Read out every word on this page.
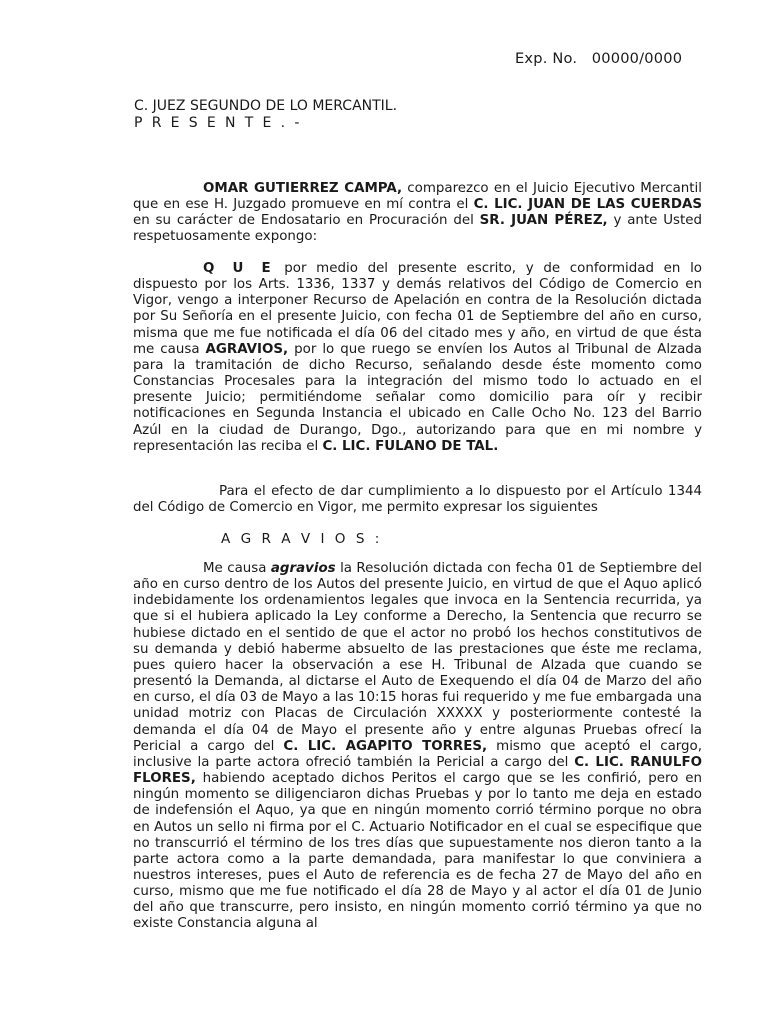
Exp. No.   00000/0000
C. JUEZ SEGUNDO DE LO MERCANTIL.
P R E S E N T E . -

OMAR GUTIERREZ CAMPA, comparezco en el Juicio Ejecutivo Mercantil que en ese H. Juzgado promueve en mí contra el C. LIC. JUAN DE LAS CUERDAS en su carácter de Endosatario en Procuración del SR. JUAN PÉREZ, y ante Usted respetuosamente expongo:

Q U E por medio del presente escrito, y de conformidad en lo dispuesto por los Arts. 1336, 1337 y demás relativos del Código de Comercio en Vigor, vengo a interponer Recurso de Apelación en contra de la Resolución dictada por Su Señoría en el presente Juicio, con fecha 01 de Septiembre del año en curso, misma que me fue notificada el día 06 del citado mes y año, en virtud de que ésta me causa AGRAVIOS, por lo que ruego se envíen los Autos al Tribunal de Alzada para la tramitación de dicho Recurso, señalando desde éste momento como Constancias Procesales para la integración del mismo todo lo actuado en el presente Juicio; permitiéndome señalar como domicilio para oír y recibir notificaciones en Segunda Instancia el ubicado en Calle Ocho No. 123 del Barrio Azúl en la ciudad de Durango, Dgo., autorizando para que en mi nombre y representación las reciba el C. LIC. FULANO DE TAL.

Para el efecto de dar cumplimiento a lo dispuesto por el Artículo 1344 del Código de Comercio en Vigor, me permito expresar los siguientes

A G R A V I O S :

Me causa agravios la Resolución dictada con fecha 01 de Septiembre del año en curso dentro de los Autos del presente Juicio, en virtud de que el Aquo aplicó indebidamente los ordenamientos legales que invoca en la Sentencia recurrida, ya que si el hubiera aplicado la Ley conforme a Derecho, la Sentencia que recurro se hubiese dictado en el sentido de que el actor no probó los hechos constitutivos de su demanda y debió haberme absuelto de las prestaciones que éste me reclama, pues quiero hacer la observación a ese H. Tribunal de Alzada que cuando se presentó la Demanda, al dictarse el Auto de Exequendo el día 04 de Marzo del año en curso, el día 03 de Mayo a las 10:15 horas fui requerido y me fue embargada una unidad motriz con Placas de Circulación XXXXX y posteriormente contesté la demanda el día 04 de Mayo el presente año y entre algunas Pruebas ofrecí la Pericial a cargo del C. LIC. AGAPITO TORRES, mismo que aceptó el cargo, inclusive la parte actora ofreció también la Pericial a cargo del C. LIC. RANULFO FLORES, habiendo aceptado dichos Peritos el cargo que se les confirió, pero en ningún momento se diligenciaron dichas Pruebas y por lo tanto me deja en estado de indefensión el Aquo, ya que en ningún momento corrió término porque no obra en Autos un sello ni firma por el C. Actuario Notificador en el cual se especifique que no transcurrió el término de los tres días que supuestamente nos dieron tanto a la parte actora como a la parte demandada, para manifestar lo que conviniera a nuestros intereses, pues el Auto de referencia es de fecha 27 de Mayo del año en curso, mismo que me fue notificado el día 28 de Mayo y al actor el día 01 de Junio del año que transcurre, pero insisto, en ningún momento corrió término ya que no existe Constancia alguna al
